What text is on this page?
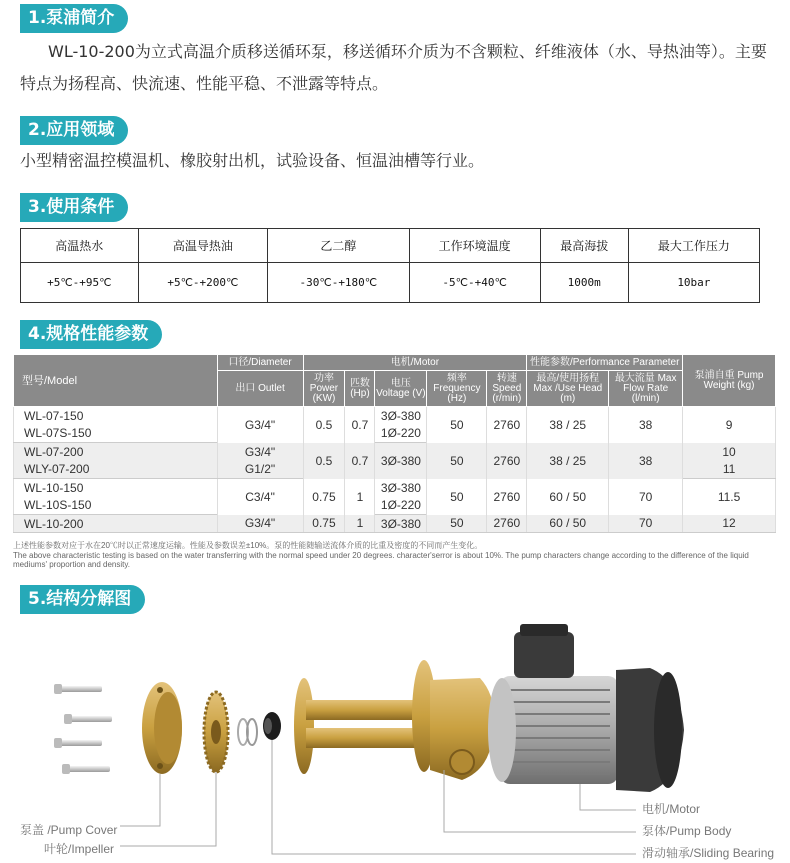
1.泵浦简介
WL-10-200为立式高温介质移送循环泵，移送循环介质为不含颗粒、纤维液体（水、导热油等）。主要特点为扬程高、快流速、性能平稳、不泄露等特点。
2.应用领域
小型精密温控模温机、橡胶射出机，试验设备、恒温油槽等行业。
3.使用条件
高温热水	高温导热油	乙二醇	工作环境温度	最高海拔	最大工作压力
+5℃-+95℃	+5℃-+200℃	-30℃-+180℃	-5℃-+40℃	1000m	10bar
4.规格性能参数
型号/Model	口径/Diameter	电机/Motor					性能参数/Performance Parameter		泵浦自重 Pump Weight (kg)
	出口 Outlet	功率 Power (KW)	匹数 (Hp)	电压 Voltage (V)	频率 Frequency (Hz)	转速 Speed (r/min)	最高/使用扬程 Max /Use Head (m)	最大流量 Max Flow Rate (l/min)	
WL-07-150	G3/4"	0.5	0.7	3Ø-380	50	2760	38 / 25	38	9
WL-07S-150				1Ø-220					
WL-07-200	G3/4"	0.5	0.7	3Ø-380	50	2760	38 / 25	38	10
WLY-07-200	G1/2"								11
WL-10-150	C3/4"	0.75	1	3Ø-380	50	2760	60 / 50	70	11.5
WL-10S-150				1Ø-220					
WL-10-200	G3/4"	0.75	1	3Ø-380	50	2760	60 / 50	70	12
上述性能参数对应于水在20℃时以正常速度运输。性能及参数误差±10%。泵的性能随输送流体介质的比重及密度的不同而产生变化。
The above characteristic testing is based on the water transferring with the normal speed under 20 degrees. character'serror is about 10%. The pump characters change according to the difference of the liquid mediums' proportion and density.
5.结构分解图
电机/Motor
泵体/Pump Body
滑动轴承/Sliding Bearing
泵盖 /Pump Cover
叶轮/Impeller
